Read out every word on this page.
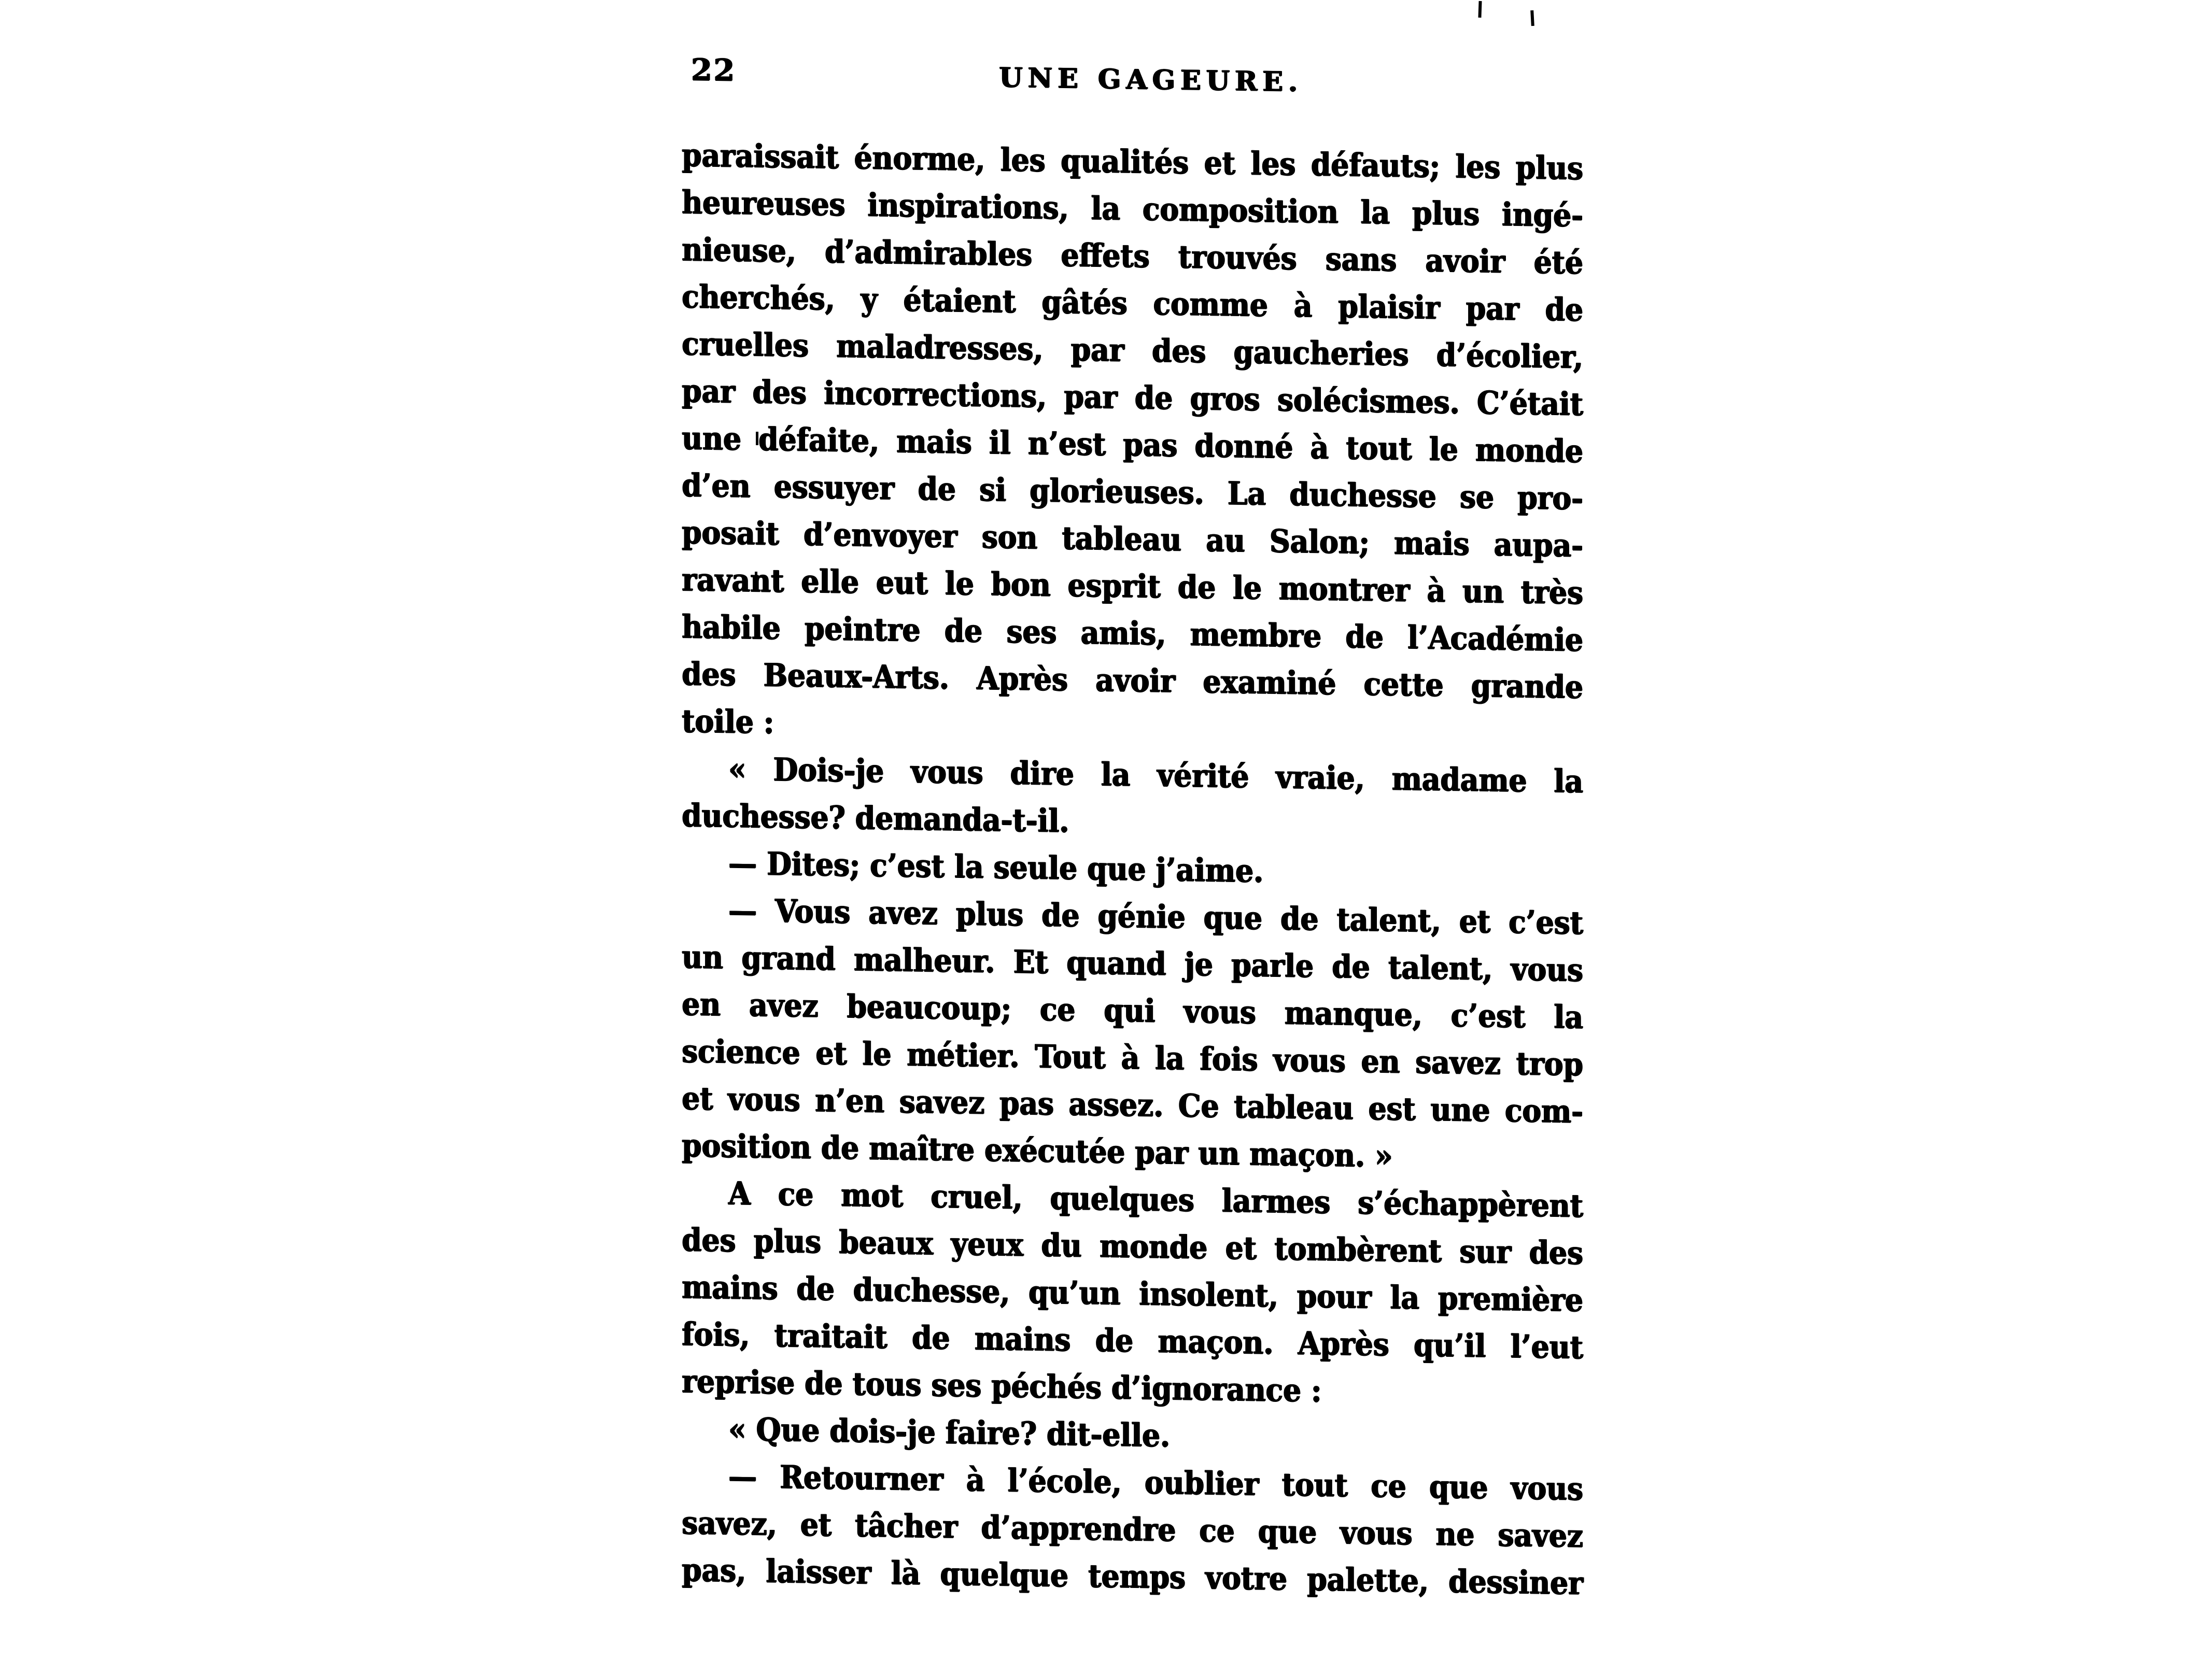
22	UNE GAGEURE.
paraissait énorme, les qualités et les défauts; les plus
heureuses inspirations, la composition la plus ingé-
nieuse, d’admirables effets trouvés sans avoir été
cherchés, y étaient gâtés comme à plaisir par de
cruelles maladresses, par des gaucheries d’écolier,
par des incorrections, par de gros solécismes. C’était
une défaite, mais il n’est pas donné à tout le monde
d’en essuyer de si glorieuses. La duchesse se pro-
posait d’envoyer son tableau au Salon; mais aupa-
ravant elle eut le bon esprit de le montrer à un très
habile peintre de ses amis, membre de l’Académie
des Beaux-Arts. Après avoir examiné cette grande
toile :
« Dois-je vous dire la vérité vraie, madame la
duchesse? demanda-t-il.
— Dites; c’est la seule que j’aime.
— Vous avez plus de génie que de talent, et c’est
un grand malheur. Et quand je parle de talent, vous
en avez beaucoup; ce qui vous manque, c’est la
science et le métier. Tout à la fois vous en savez trop
et vous n’en savez pas assez. Ce tableau est une com-
position de maître exécutée par un maçon. »
A ce mot cruel, quelques larmes s’échappèrent
des plus beaux yeux du monde et tombèrent sur des
mains de duchesse, qu’un insolent, pour la première
fois, traitait de mains de maçon. Après qu’il l’eut
reprise de tous ses péchés d’ignorance :
« Que dois-je faire? dit-elle.
— Retourner à l’école, oublier tout ce que vous
savez, et tâcher d’apprendre ce que vous ne savez
pas, laisser là quelque temps votre palette, dessiner
